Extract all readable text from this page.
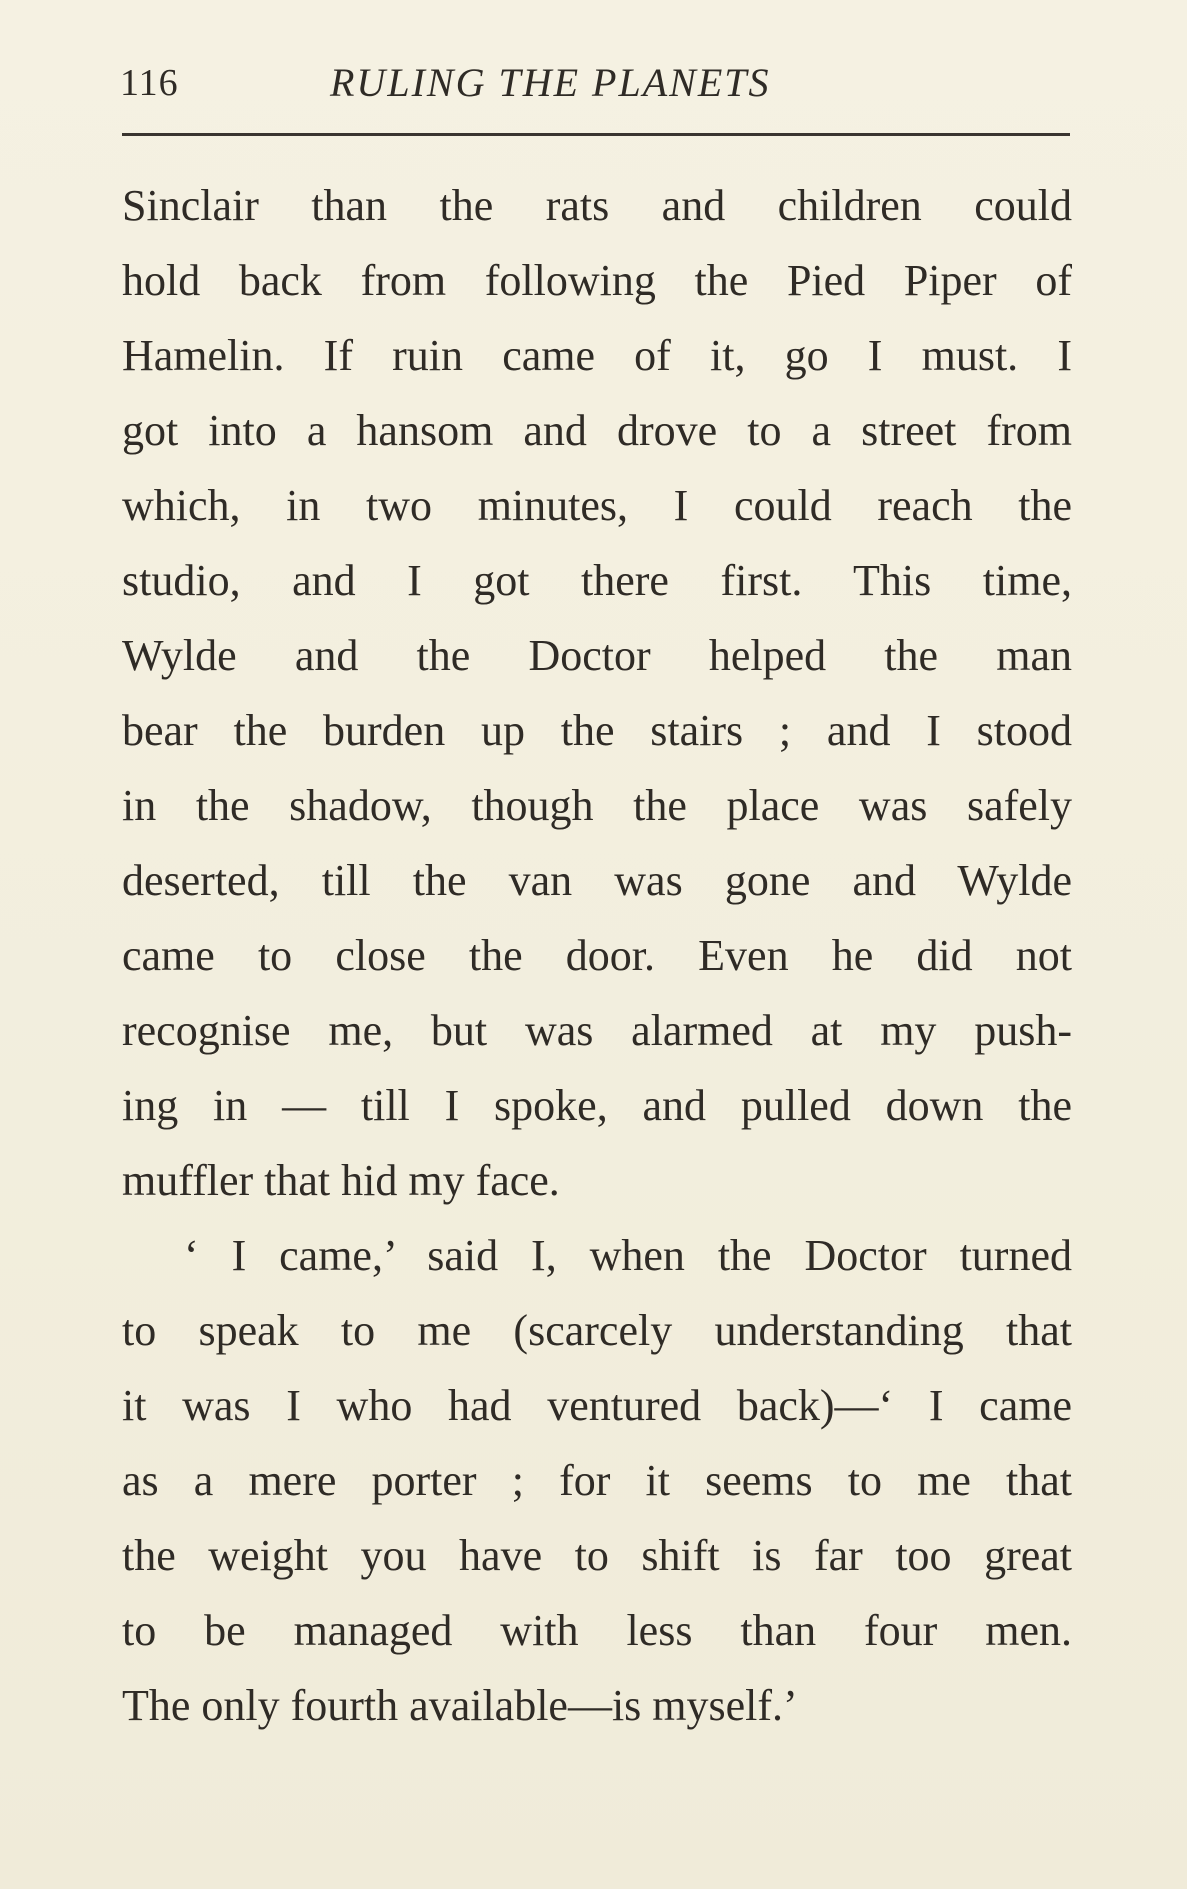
116	RULING THE PLANETS
Sinclair than the rats and children could
hold back from following the Pied Piper of
Hamelin. If ruin came of it, go I must. I
got into a hansom and drove to a street from
which, in two minutes, I could reach the
studio, and I got there first. This time,
Wylde and the Doctor helped the man
bear the burden up the stairs ; and I stood
in the shadow, though the place was safely
deserted, till the van was gone and Wylde
came to close the door. Even he did not
recognise me, but was alarmed at my push-
ing in — till I spoke, and pulled down the
muffler that hid my face.
‘ I came,’ said I, when the Doctor turned
to speak to me (scarcely understanding that
it was I who had ventured back)—‘ I came
as a mere porter ; for it seems to me that
the weight you have to shift is far too great
to be managed with less than four men.
The only fourth available—is myself.’
